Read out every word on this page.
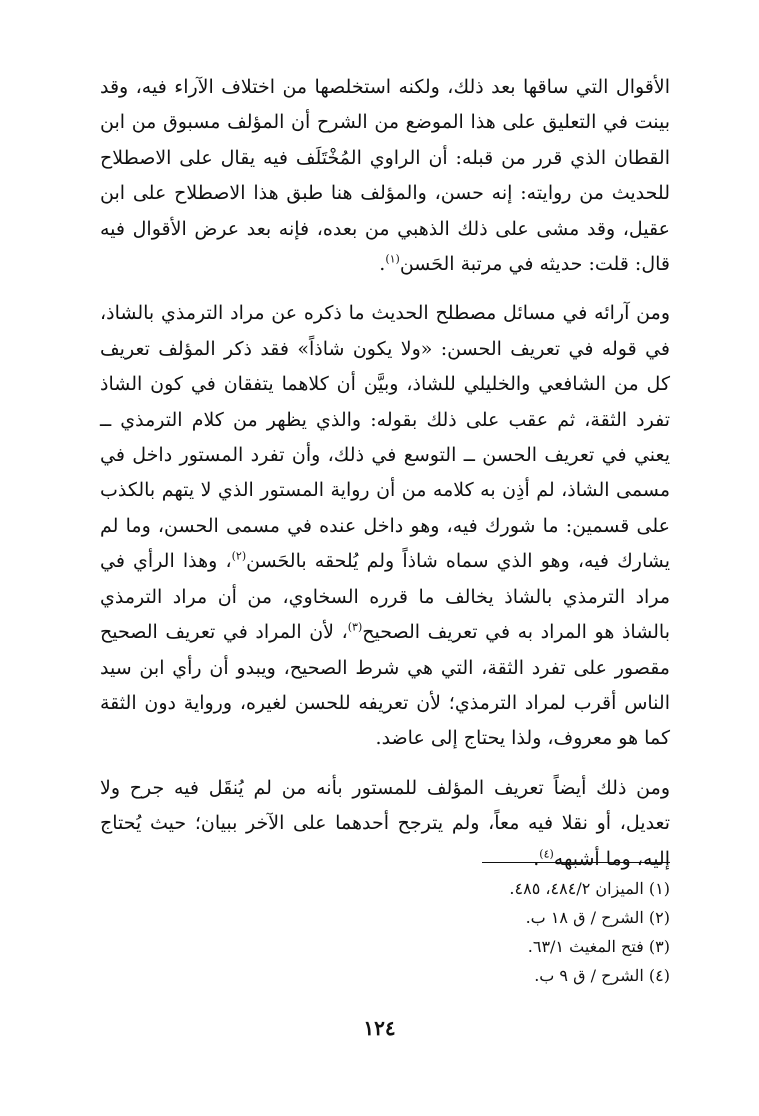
الأقوال التي ساقها بعد ذلك، ولكنه استخلصها من اختلاف الآراء فيه، وقد بينت في التعليق على هذا الموضع من الشرح أن المؤلف مسبوق من ابن القطان الذي قرر من قبله: أن الراوي المُخْتَلَف فيه يقال على الاصطلاح للحديث من روايته: إنه حسن، والمؤلف هنا طبق هذا الاصطلاح على ابن عقيل، وقد مشى على ذلك الذهبي من بعده، فإنه بعد عرض الأقوال فيه قال: قلت: حديثه في مرتبة الحَسن$^{(١)}$.

ومن آرائه في مسائل مصطلح الحديث ما ذكره عن مراد الترمذي بالشاذ، في قوله في تعريف الحسن: «ولا يكون شاذاً» فقد ذكر المؤلف تعريف كل من الشافعي والخليلي للشاذ، وبيَّن أن كلاهما يتفقان في كون الشاذ تفرد الثقة، ثم عقب على ذلك بقوله: والذي يظهر من كلام الترمذي ــ يعني في تعريف الحسن ــ التوسع في ذلك، وأن تفرد المستور داخل في مسمى الشاذ، لم أذِن به كلامه من أن رواية المستور الذي لا يتهم بالكذب على قسمين: ما شورك فيه، وهو داخل عنده في مسمى الحسن، وما لم يشارك فيه، وهو الذي سماه شاذاً ولم يُلحقه بالحَسن$^{(٢)}$، وهذا الرأي في مراد الترمذي بالشاذ يخالف ما قرره السخاوي، من أن مراد الترمذي بالشاذ هو المراد به في تعريف الصحيح$^{(٣)}$، لأن المراد في تعريف الصحيح مقصور على تفرد الثقة، التي هي شرط الصحيح، ويبدو أن رأي ابن سيد الناس أقرب لمراد الترمذي؛ لأن تعريفه للحسن لغيره، ورواية دون الثقة كما هو معروف، ولذا يحتاج إلى عاضد.

ومن ذلك أيضاً تعريف المؤلف للمستور بأنه من لم يُنقَل فيه جرح ولا تعديل، أو نقلا فيه معاً، ولم يترجح أحدهما على الآخر ببيان؛ حيث يُحتاج إليه، وما أشبهه$^{(٤)}$.

(١) الميزان ٤٨٤/٢، ٤٨٥.
(٢) الشرح / ق ١٨ ب.
(٣) فتح المغيث ٦٣/١.
(٤) الشرح / ق ٩ ب.
١٢٤
